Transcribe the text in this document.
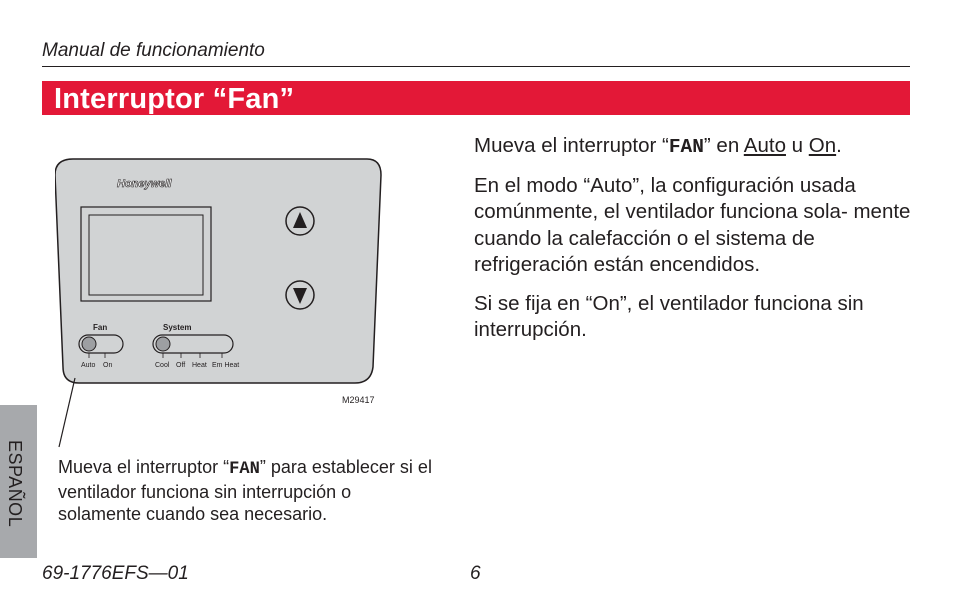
Manual de funcionamiento
Interruptor “Fan”

Mueva el interruptor “FAN” en Auto u On.

En el modo “Auto”, la configuración usada comúnmente, el ventilador funciona sola- mente cuando la calefacción o el sistema de refrigeración están encendidos.

Si se fija en “On”, el ventilador funciona sin interrupción.

Honeywell
Fan
Auto On
System
Cool Off Heat Em Heat
M29417
Mueva el interruptor “FAN” para establecer si el ventilador funciona sin interrupción o solamente cuando sea necesario.
ESPAÑOL
69-1776EFS—01	6
